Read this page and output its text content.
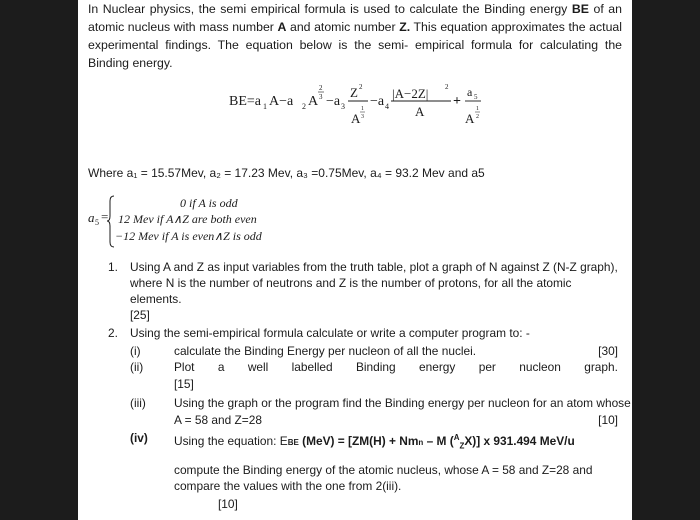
In Nuclear physics, the semi empirical formula is used to calculate the Binding energy BE of an atomic nucleus with mass number A and atomic number Z. This equation approximates the actual experimental findings. The equation below is the semi- empirical formula for calculating the Binding energy.
BE=a 1 A−a 2 A
2
3 −a 3
Z 2
A
1
3
−a 4
|A−2Z| 2
A
+
a 5
A
1
2
Where a₁ = 15.57Mev, a₂ = 17.23 Mev, a₃ =0.75Mev, a₄ = 93.2 Mev and a5
a 5 =
0 if A is odd
12 Mev if A∧Z are both even
−12 Mev if A is even∧Z is odd
1. Using A and Z as input variables from the truth table, plot a graph of N against Z (N-Z graph), where N is the number of neutrons and Z is the number of protons, for all the atomic elements.
[25]
2. Using the semi-empirical formula calculate or write a computer program to: -
(i)	calculate the Binding Energy per nucleon of all the nuclei.	[30]
(ii)	Plot a well labelled Binding energy per nucleon graph.
[15]
(iii) Using the graph or the program find the Binding energy per nucleon for an atom whose
A = 58 and Z=28	[10]
(iv) Using the equation: EBE (MeV) = [ZM(H) + Nmn – M ($^A_Z$X)] x 931.494 MeV/u
compute the Binding energy of the atomic nucleus, whose A = 58 and Z=28 and compare the values with the one from 2(iii).
[10]
